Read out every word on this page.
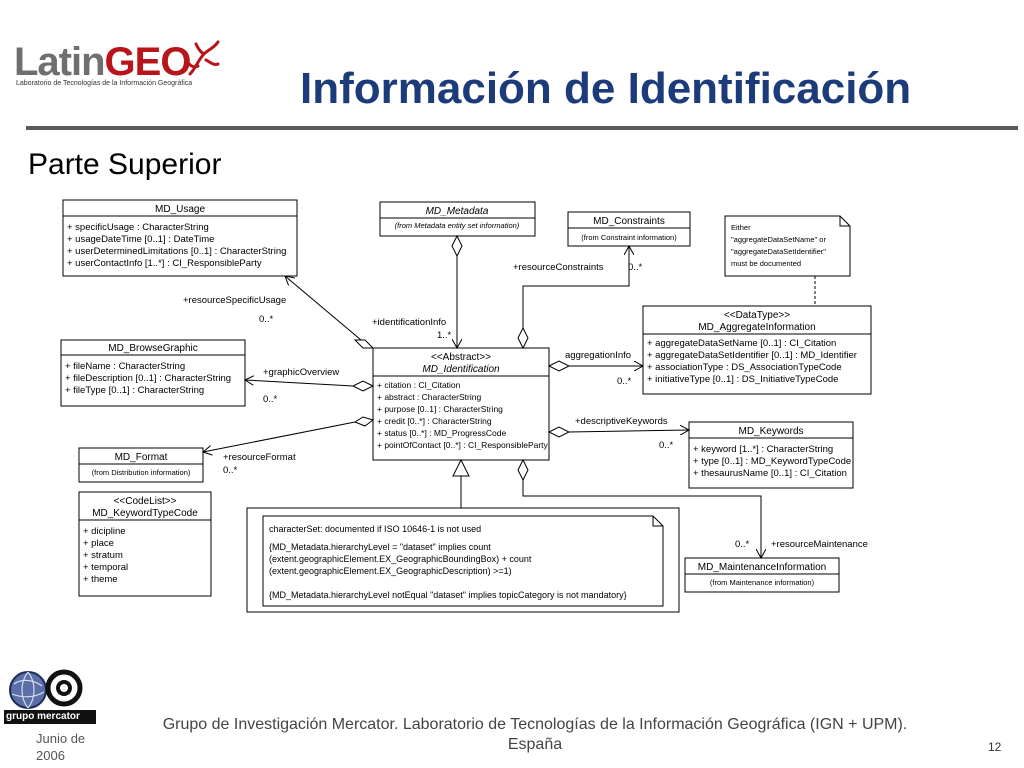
LatinGEO
Laboratorio de Tecnologías de la Información Geográfica Información de Identificación
Parte Superior
MD_Usage
+ specificUsage : CharacterString
+ usageDateTime [0..1] : DateTime
+ userDeterminedLimitations [0..1] : CharacterString
+ userContactInfo [1..*] : CI_ResponsibleParty
MD_Metadata
(from Metadata entity set information)	MD_Constraints
(from Constraint information)
Either
"aggregateDataSetName" or
"aggregateDataSetIdentifier"
must be documented
MD_BrowseGraphic
+ fileName : CharacterString
+ fileDescription [0..1] : CharacterString
+ fileType [0..1] : CharacterString
<<Abstract>>
MD_Identification
+ citation : CI_Citation
+ abstract : CharacterString
+ purpose [0..1] : CharacterString
+ credit [0..*] : CharacterString
+ status [0..*] : MD_ProgressCode
+ pointOfContact [0..*] : CI_ResponsibleParty
<<DataType>>
MD_AggregateInformation
+ aggregateDataSetName [0..1] : CI_Citation
+ aggregateDataSetIdentifier [0..1] : MD_Identifier
+ associationType : DS_AssociationTypeCode
+ initiativeType [0..1] : DS_InitiativeTypeCode
MD_Format
(from Distribution information)
MD_Keywords
+ keyword [1..*] : CharacterString
+ type [0..1] : MD_KeywordTypeCode
+ thesaurusName [0..1] : CI_Citation
<<CodeList>>
MD_KeywordTypeCode
+ dicipline
+ place
+ stratum
+ temporal
+ theme
characterSet: documented if ISO 10646-1 is not used
{MD_Metadata.hierarchyLevel = "dataset" implies count
(extent.geographicElement.EX_GeographicBoundingBox) + count
(extent.geographicElement.EX_GeographicDescription) >=1)
{MD_Metadata.hierarchyLevel notEqual "dataset" implies topicCategory is not mandatory}
MD_MaintenanceInformation
(from Maintenance information)
+resourceSpecificUsage
0..*	+identificationInfo
1..*
+resourceConstraints	0..*
aggregationInfo
0..*
+graphicOverview
0..*
+resourceFormat
0..*
+descriptiveKeywords
0..*
+resourceMaintenance
0..*
grupo mercator
Junio de
2006
Grupo de Investigación Mercator. Laboratorio de Tecnologías de la Información Geográfica (IGN + UPM).
España	12
